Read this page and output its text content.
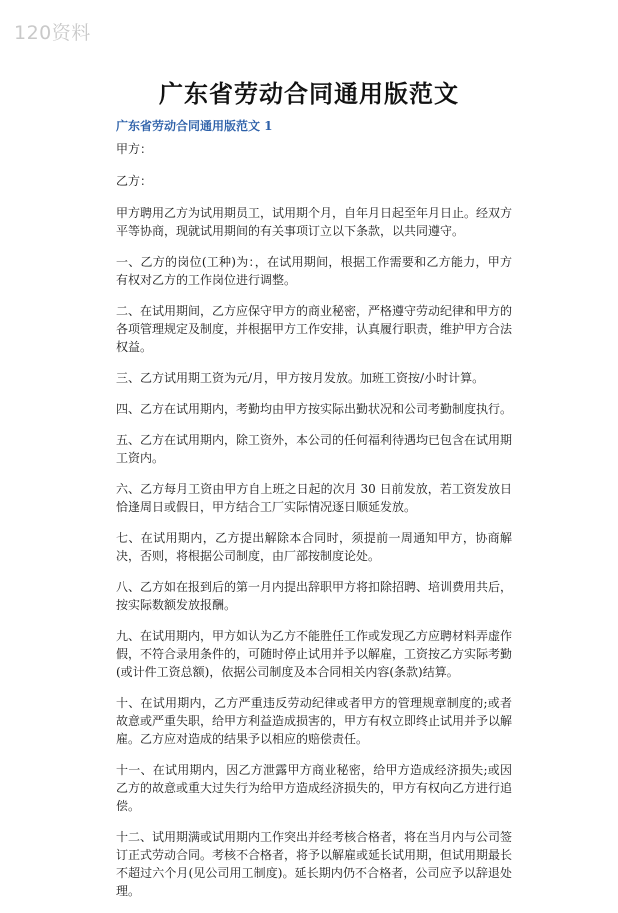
120资料
广东省劳动合同通用版范文
广东省劳动合同通用版范文 1

甲方：

乙方：

甲方聘用乙方为试用期员工，试用期个月，自年月日起至年月日止。经双方平等协商，现就试用期间的有关事项订立以下条款，以共同遵守。

一、乙方的岗位(工种)为：，在试用期间，根据工作需要和乙方能力，甲方有权对乙方的工作岗位进行调整。

二、在试用期间，乙方应保守甲方的商业秘密，严格遵守劳动纪律和甲方的各项管理规定及制度，并根据甲方工作安排，认真履行职责，维护甲方合法权益。

三、乙方试用期工资为元/月，甲方按月发放。加班工资按/小时计算。

四、乙方在试用期内，考勤均由甲方按实际出勤状况和公司考勤制度执行。

五、乙方在试用期内，除工资外，本公司的任何福利待遇均已包含在试用期工资内。

六、乙方每月工资由甲方自上班之日起的次月 30 日前发放，若工资发放日恰逢周日或假日，甲方结合工厂实际情况逐日顺延发放。

七、在试用期内，乙方提出解除本合同时，须提前一周通知甲方，协商解决，否则，将根据公司制度，由厂部按制度论处。

八、乙方如在报到后的第一月内提出辞职甲方将扣除招聘、培训费用共后，按实际数额发放报酬。

九、在试用期内，甲方如认为乙方不能胜任工作或发现乙方应聘材料弄虚作假，不符合录用条件的，可随时停止试用并予以解雇，工资按乙方实际考勤(或计件工资总额)，依据公司制度及本合同相关内容(条款)结算。

十、在试用期内，乙方严重违反劳动纪律或者甲方的管理规章制度的;或者故意或严重失职，给甲方利益造成损害的，甲方有权立即终止试用并予以解雇。乙方应对造成的结果予以相应的赔偿责任。

十一、在试用期内，因乙方泄露甲方商业秘密，给甲方造成经济损失;或因乙方的故意或重大过失行为给甲方造成经济损失的，甲方有权向乙方进行追偿。

十二、试用期满或试用期内工作突出并经考核合格者，将在当月内与公司签订正式劳动合同。考核不合格者，将予以解雇或延长试用期，但试用期最长不超过六个月(见公司用工制度)。延长期内仍不合格者，公司应予以辞退处理。
